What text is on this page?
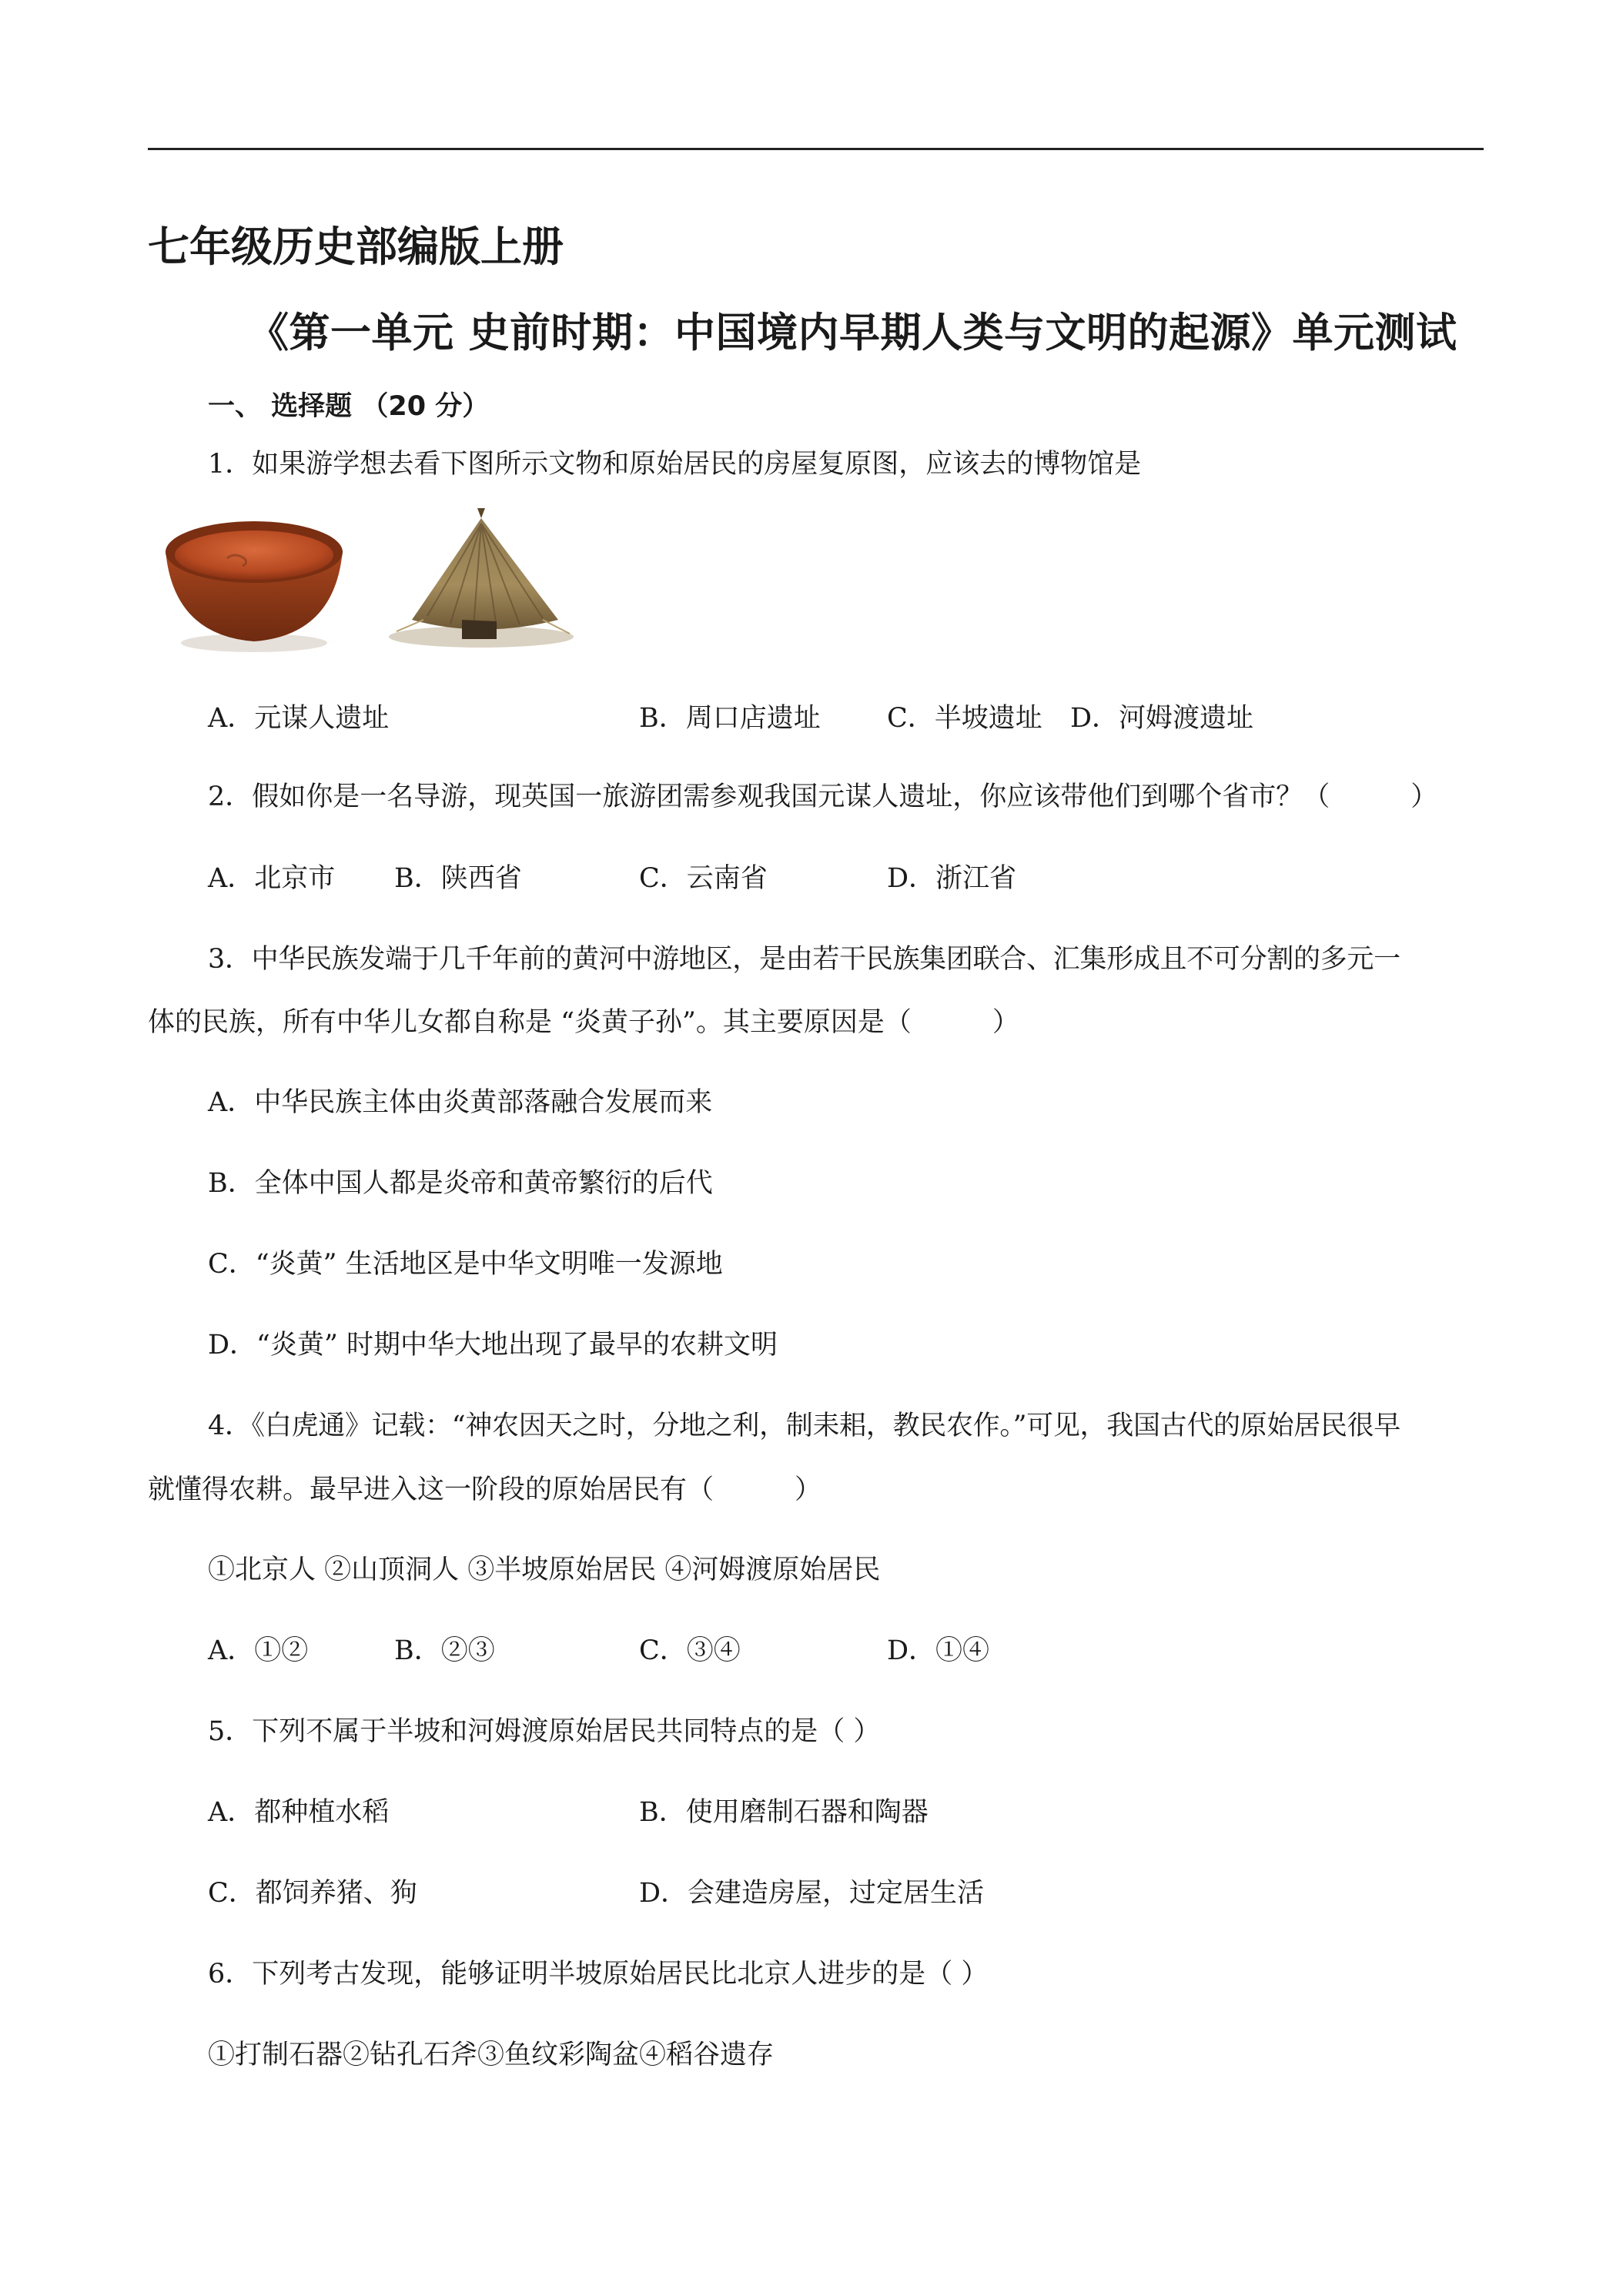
七年级历史部编版上册
《第一单元 史前时期：中国境内早期人类与文明的起源》单元测试
一、 选择题 （20 分）
1．如果游学想去看下图所示文物和原始居民的房屋复原图，应该去的博物馆是
A．元谋人遗址	B．周口店遗址 C．半坡遗址 D．河姆渡遗址
2．假如你是一名导游，现英国一旅游团需参观我国元谋人遗址，你应该带他们到哪个省市？（　　　）
A．北京市 B．陕西省	C．云南省	D．浙江省
3．中华民族发端于几千年前的黄河中游地区，是由若干民族集团联合、汇集形成且不可分割的多元一
体的民族，所有中华儿女都自称是 “炎黄子孙”。其主要原因是（　　　）
A．中华民族主体由炎黄部落融合发展而来
B．全体中国人都是炎帝和黄帝繁衍的后代
C．“炎黄” 生活地区是中华文明唯一发源地
D．“炎黄” 时期中华大地出现了最早的农耕文明
4．《白虎通》记载：“神农因天之时，分地之利，制耒耜，教民农作。”可见，我国古代的原始居民很早
就懂得农耕。最早进入这一阶段的原始居民有（　　　）
①北京人 ②山顶洞人 ③半坡原始居民 ④河姆渡原始居民
A．①②	B．②③	C．③④	D．①④
5．下列不属于半坡和河姆渡原始居民共同特点的是（ ）
A．都种植水稻	B．使用磨制石器和陶器
C．都饲养猪、狗	D．会建造房屋，过定居生活
6．下列考古发现，能够证明半坡原始居民比北京人进步的是（ ）
①打制石器②钻孔石斧③鱼纹彩陶盆④稻谷遗存
